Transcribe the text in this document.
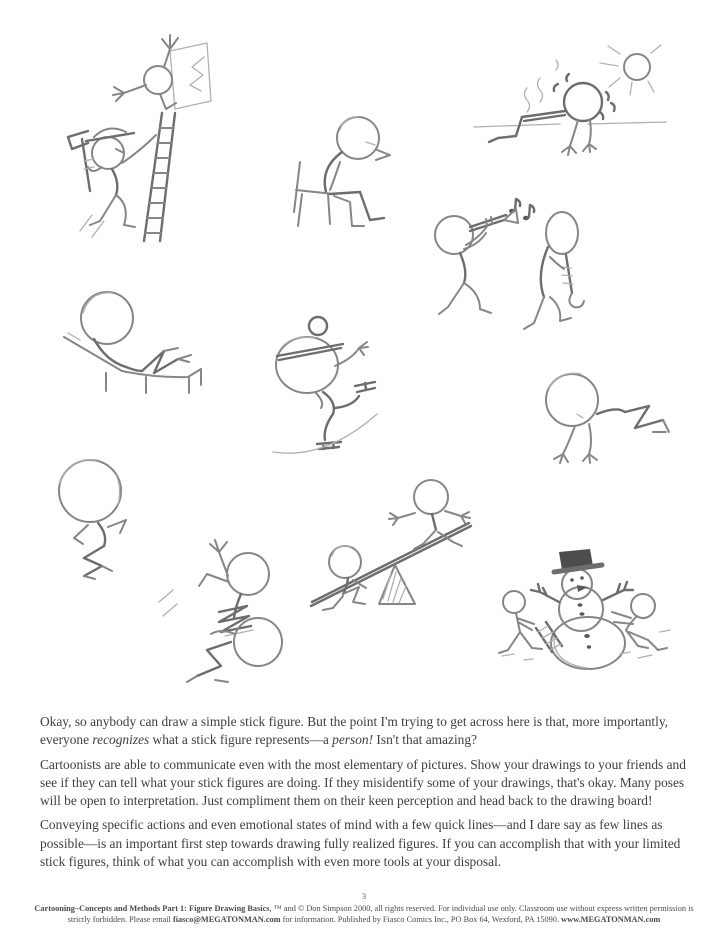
Okay, so anybody can draw a simple stick figure. But the point I'm trying to get across here is that, more importantly, everyone recognizes what a stick figure represents—a person! Isn't that amazing?

Cartoonists are able to communicate even with the most elementary of pictures. Show your drawings to your friends and see if they can tell what your stick figures are doing. If they misidentify some of your drawings, that's okay. Many poses will be open to interpretation. Just compliment them on their keen perception and head back to the drawing board!

Conveying specific actions and even emotional states of mind with a few quick lines—and I dare say as few lines as possible—is an important first step towards drawing fully realized figures. If you can accomplish that with your limited stick figures, think of what you can accomplish with even more tools at your disposal.

3
Cartooning–Concepts and Methods Part 1: Figure Drawing Basics, ™ and © Don Simpson 2000, all rights reserved. For individual use only. Classroom use without express written permission is strictly forbidden. Please email fiasco@MEGATONMAN.com for information. Published by Fiasco Comics Inc., PO Box 64, Wexford, PA 15090. www.MEGATONMAN.com
